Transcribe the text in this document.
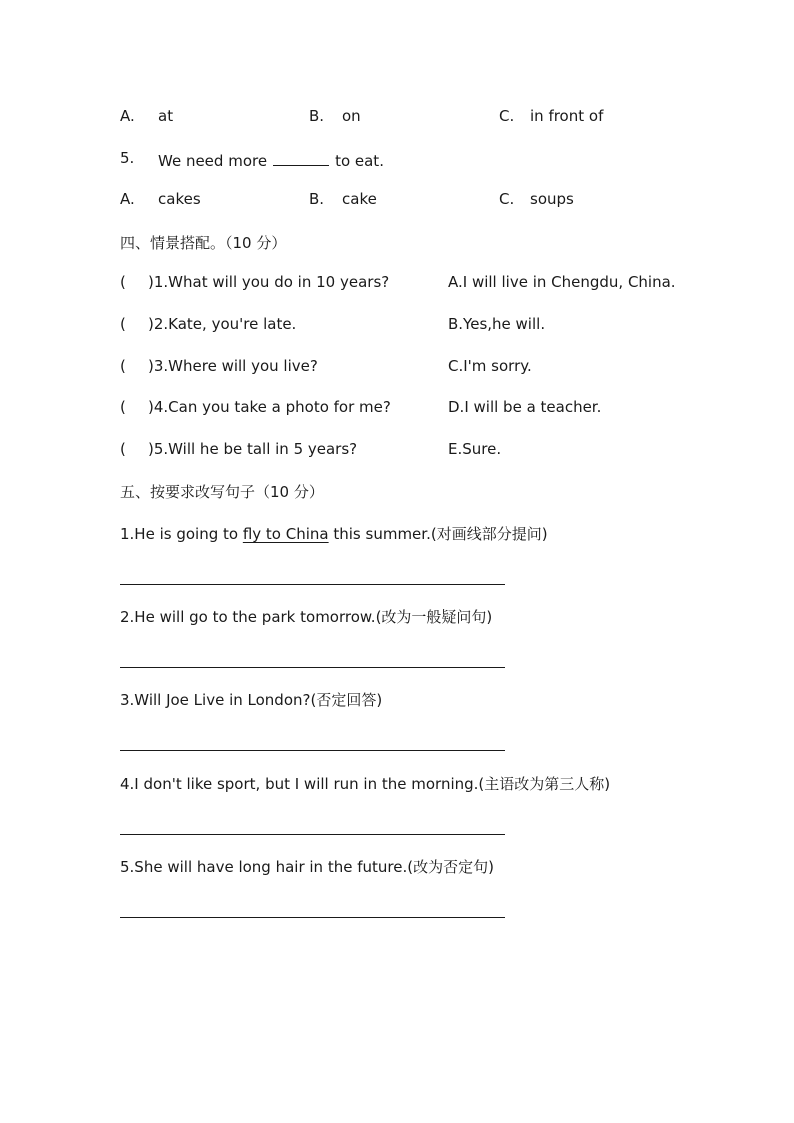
A. at	B. on	C. in front of
5. We need more	to eat.
A. cakes	B. cake	C. soups
四、情景搭配。（10 分）
( )1.What will you do in 10 years?	A.I will live in Chengdu, China.
( )2.Kate, you're late.	B.Yes,he will.
( )3.Where will you live?	C.I'm sorry.
( )4.Can you take a photo for me?	D.I will be a teacher.
( )5.Will he be tall in 5 years?	E.Sure.
五、按要求改写句子（10 分）
1.He is going to fly to China this summer.(对画线部分提问)
2.He will go to the park tomorrow.(改为一般疑问句)
3.Will Joe Live in London?(否定回答)
4.I don't like sport, but I will run in the morning.(主语改为第三人称)
5.She will have long hair in the future.(改为否定句)
